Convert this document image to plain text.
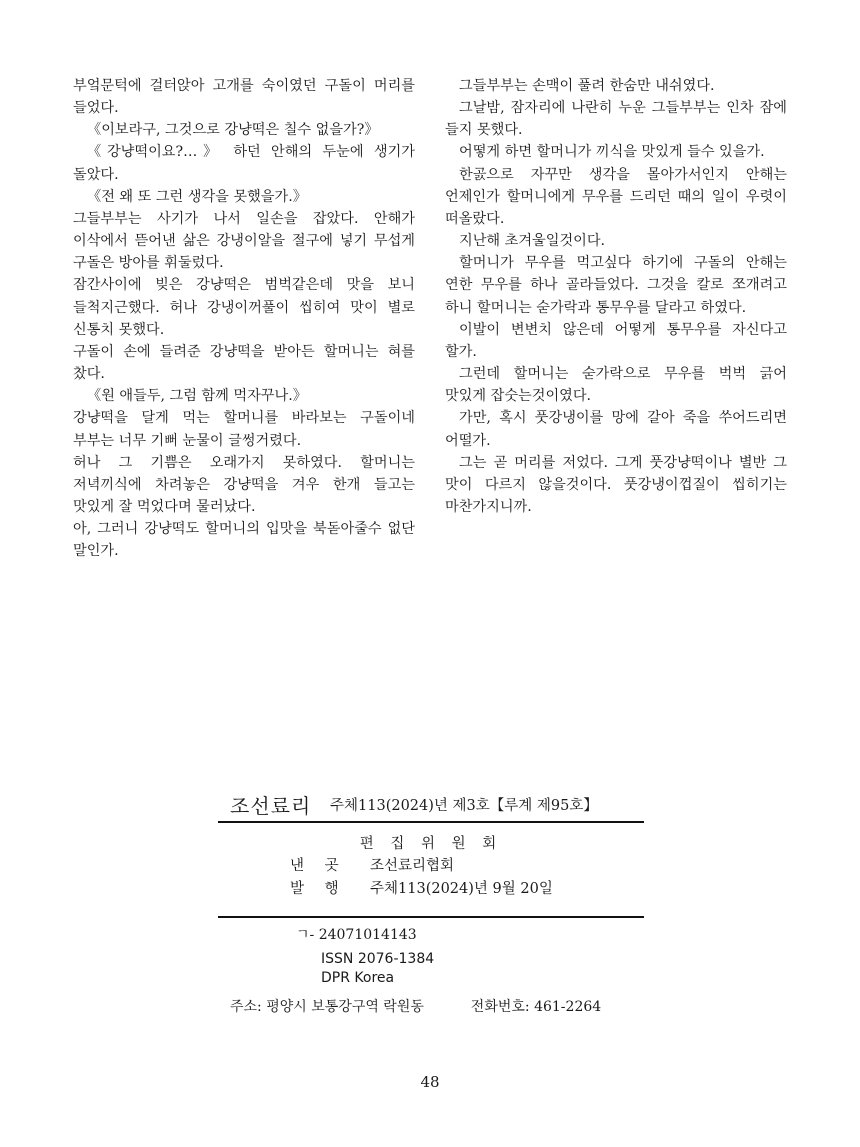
부엌문턱에 걸터앉아 고개를 숙이였던 구돌이 머리를 들었다.

《이보라구, 그것으로 강냥떡은 칠수 없을가?》

《강냥떡이요?…》 하던 안해의 두눈에 생기가 돌았다.

《전 왜 또 그런 생각을 못했을가.》

그들부부는 사기가 나서 일손을 잡았다. 안해가 이삭에서 뜯어낸 삶은 강냉이알을 절구에 넣기 무섭게 구돌은 방아를 휘둘렀다.

잠간사이에 빚은 강냥떡은 범벅같은데 맛을 보니 들척지근했다. 허나 강냉이꺼풀이 씹히여 맛이 별로 신통치 못했다.

구돌이 손에 들려준 강냥떡을 받아든 할머니는 혀를 찼다.

《원 애들두, 그럼 함께 먹자꾸나.》

강냥떡을 달게 먹는 할머니를 바라보는 구돌이네 부부는 너무 기뻐 눈물이 글썽거렸다.

허나 그 기쁨은 오래가지 못하였다. 할머니는 저녁끼식에 차려놓은 강냥떡을 겨우 한개 들고는 맛있게 잘 먹었다며 물러났다.

아, 그러니 강냥떡도 할머니의 입맛을 북돋아줄수 없단 말인가.

그들부부는 손맥이 풀려 한숨만 내쉬였다.

그날밤, 잠자리에 나란히 누운 그들부부는 인차 잠에 들지 못했다.

어떻게 하면 할머니가 끼식을 맛있게 들수 있을가.

한곬으로 자꾸만 생각을 몰아가서인지 안해는 언제인가 할머니에게 무우를 드리던 때의 일이 우렷이 떠올랐다.

지난해 초겨울일것이다.

할머니가 무우를 먹고싶다 하기에 구돌의 안해는 연한 무우를 하나 골라들었다. 그것을 칼로 쪼개려고 하니 할머니는 숟가락과 통무우를 달라고 하였다.

이발이 변변치 않은데 어떻게 통무우를 자신다고 할가.

그런데 할머니는 숟가락으로 무우를 벅벅 긁어 맛있게 잡숫는것이였다.

가만, 혹시 풋강냉이를 망에 갈아 죽을 쑤어드리면 어떨가.

그는 곧 머리를 저었다. 그게 풋강냥떡이나 별반 그 맛이 다르지 않을것이다. 풋강냉이껍질이 씹히기는 마찬가지니까.

조선료리 주체113(2024)년 제3호【루계 제95호】
편 집 위 원 회
낸 곳 조선료리협회
발 행 주체113(2024)년 9월 20일
ㄱ- 24071014143
ISSN 2076-1384
DPR Korea
주소: 평양시 보통강구역 락원동	전화번호: 461-2264
48
